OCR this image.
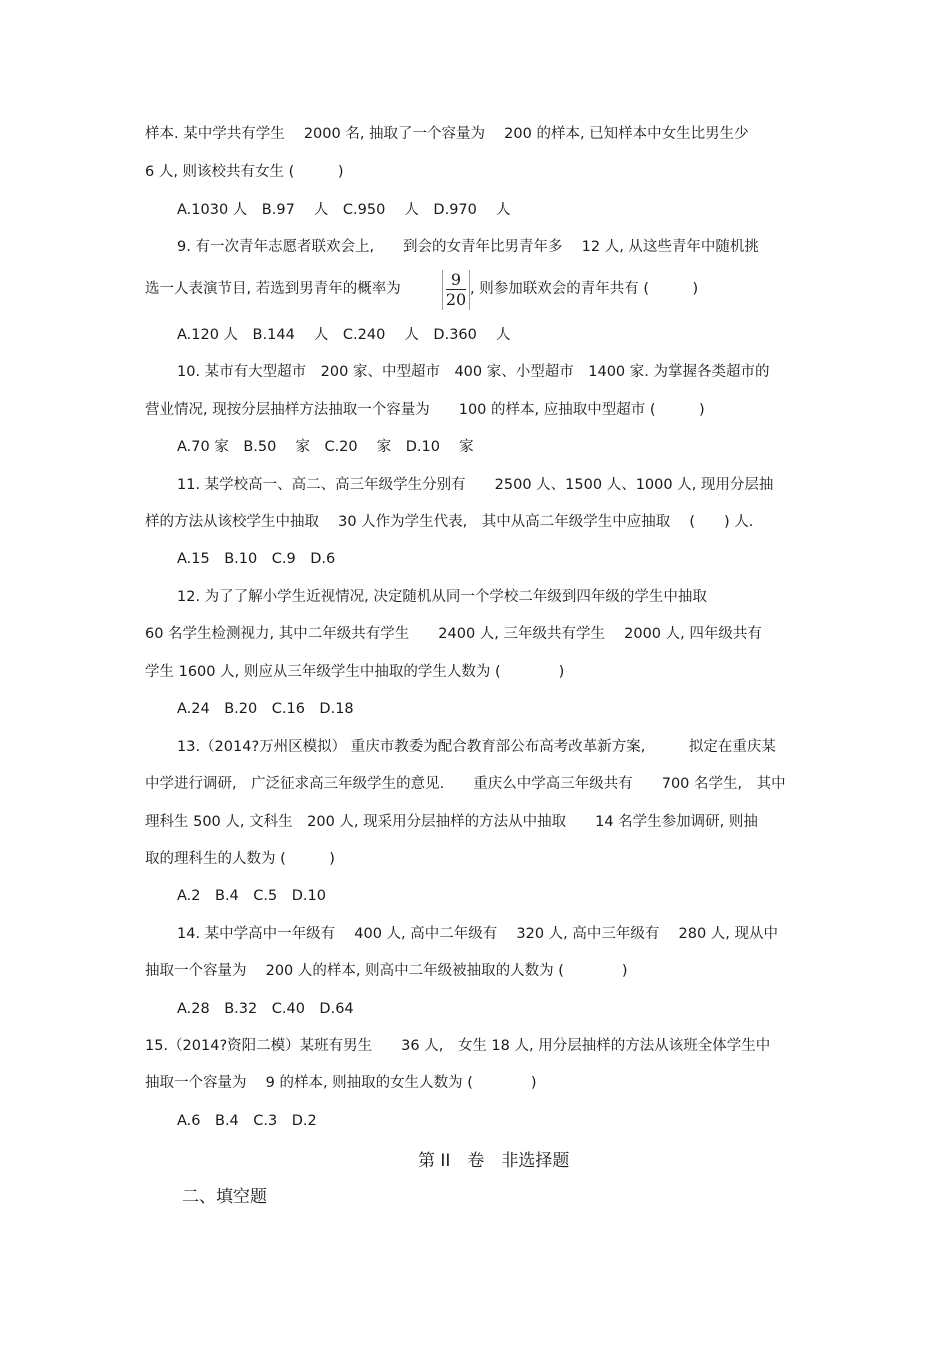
样本. 某中学共有学生　 2000 名, 抽取了一个容量为　 200 的样本, 已知样本中女生比男生少
6 人, 则该校共有女生 (　　　)
A.1030 人　B.97　 人　C.950　 人　D.970　 人
9. 有一次青年志愿者联欢会上,　　到会的女青年比男青年多　 12 人, 从这些青年中随机挑
选一人表演节目, 若选到男青年的概率为	9
20
, 则参加联欢会的青年共有 (　　　)
A.120 人　B.144　 人　C.240　 人　D.360　 人
10. 某市有大型超市　200 家、中型超市　400 家、小型超市　1400 家. 为掌握各类超市的
营业情况, 现按分层抽样方法抽取一个容量为　　100 的样本, 应抽取中型超市 (　　　)
A.70 家　B.50　 家　C.20　 家　D.10　 家
11. 某学校高一、高二、高三年级学生分别有　　2500 人、1500 人、1000 人, 现用分层抽
样的方法从该校学生中抽取　 30 人作为学生代表,　其中从高二年级学生中应抽取　 (　　) 人.
A.15　B.10　C.9　D.6
12. 为了了解小学生近视情况, 决定随机从同一个学校二年级到四年级的学生中抽取
60 名学生检测视力, 其中二年级共有学生　　2400 人, 三年级共有学生　 2000 人, 四年级共有
学生 1600 人, 则应从三年级学生中抽取的学生人数为 (　　　　)
A.24　B.20　C.16　D.18
13.（2014?万州区模拟） 重庆市教委为配合教育部公布高考改革新方案,　　　拟定在重庆某
中学进行调研,　广泛征求高三年级学生的意见.　　重庆么中学高三年级共有　　700 名学生,　其中
理科生 500 人, 文科生　200 人, 现采用分层抽样的方法从中抽取　　14 名学生参加调研, 则抽
取的理科生的人数为 (　　　)
A.2　B.4　C.5　D.10
14. 某中学高中一年级有　 400 人, 高中二年级有　 320 人, 高中三年级有　 280 人, 现从中
抽取一个容量为　 200 人的样本, 则高中二年级被抽取的人数为 (　　　　)
A.28　B.32　C.40　D.64
15.（2014?资阳二模）某班有男生　　36 人,　女生 18 人, 用分层抽样的方法从该班全体学生中
抽取一个容量为　 9 的样本, 则抽取的女生人数为 (　　　　)
A.6　B.4　C.3　D.2
第 II　卷　非选择题
二、填空题
